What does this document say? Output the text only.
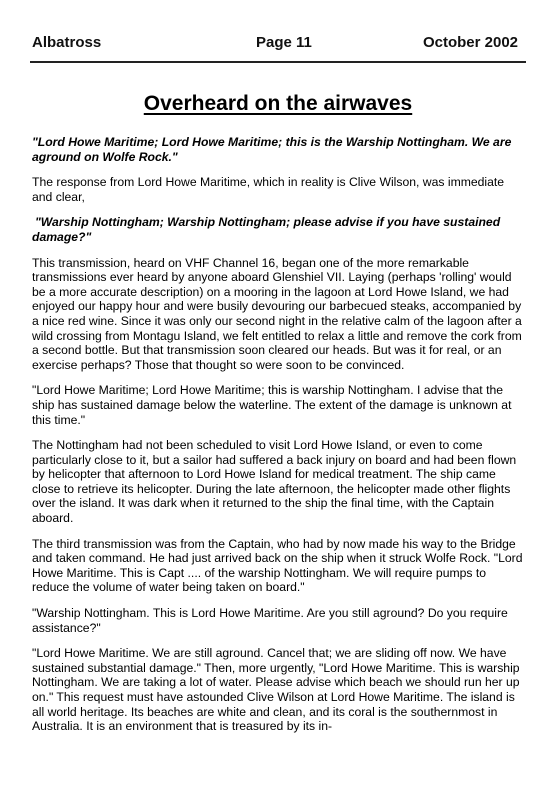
Albatross	Page 11	October 2002
Overheard on the airwaves

"Lord Howe Maritime; Lord Howe Maritime; this is the Warship Nottingham. We are aground on Wolfe Rock."

The response from Lord Howe Maritime, which in reality is Clive Wilson, was immediate and clear,

"Warship Nottingham; Warship Nottingham; please advise if you have sustained damage?"

This transmission, heard on VHF Channel 16, began one of the more remarkable transmissions ever heard by anyone aboard Glenshiel VII. Laying (perhaps 'rolling' would be a more accurate description) on a mooring in the lagoon at Lord Howe Island, we had enjoyed our happy hour and were busily devouring our barbecued steaks, accompanied by a nice red wine. Since it was only our second night in the relative calm of the lagoon after a wild crossing from Montagu Island, we felt entitled to relax a little and remove the cork from a second bottle. But that transmission soon cleared our heads. But was it for real, or an exercise perhaps? Those that thought so were soon to be convinced.

"Lord Howe Maritime; Lord Howe Maritime; this is warship Nottingham. I advise that the ship has sustained damage below the waterline. The extent of the damage is unknown at this time."

The Nottingham had not been scheduled to visit Lord Howe Island, or even to come particularly close to it, but a sailor had suffered a back injury on board and had been flown by helicopter that afternoon to Lord Howe Island for medical treatment. The ship came close to retrieve its helicopter. During the late afternoon, the helicopter made other flights over the island. It was dark when it returned to the ship the final time, with the Captain aboard.

The third transmission was from the Captain, who had by now made his way to the Bridge and taken command. He had just arrived back on the ship when it struck Wolfe Rock. "Lord Howe Maritime. This is Capt .... of the warship Nottingham. We will require pumps to reduce the volume of water being taken on board."

"Warship Nottingham. This is Lord Howe Maritime. Are you still aground? Do you require assistance?"

"Lord Howe Maritime. We are still aground. Cancel that; we are sliding off now. We have sustained substantial damage." Then, more urgently, "Lord Howe Maritime. This is warship Nottingham. We are taking a lot of water. Please advise which beach we should run her up on." This request must have astounded Clive Wilson at Lord Howe Maritime. The island is all world heritage. Its beaches are white and clean, and its coral is the southernmost in Australia. It is an environment that is treasured by its in-
